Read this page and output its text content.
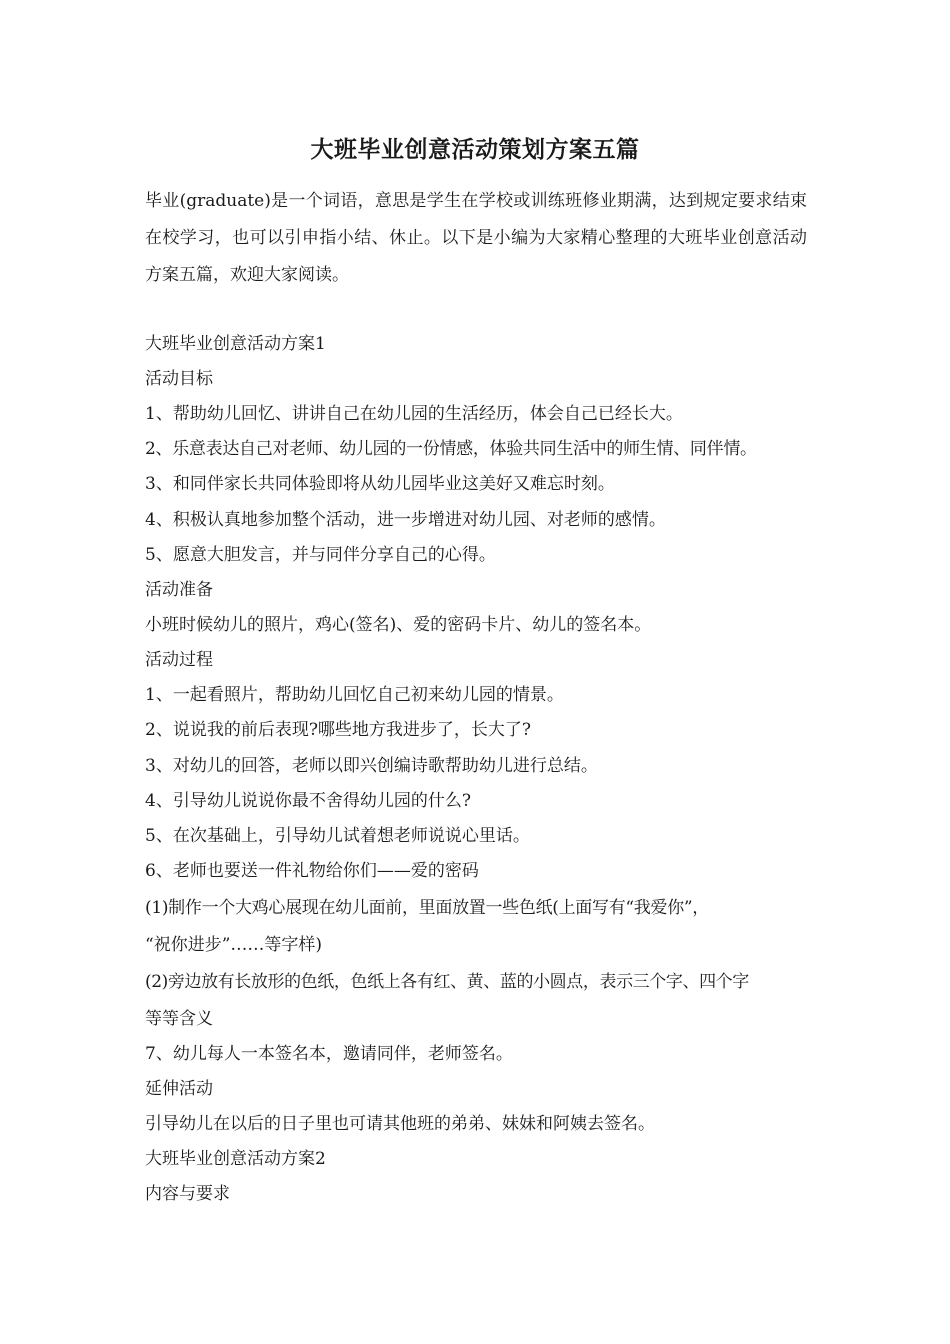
大班毕业创意活动策划方案五篇

毕业(graduate)是一个词语，意思是学生在学校或训练班修业期满，达到规定要求结束在校学习，也可以引申指小结、休止。以下是小编为大家精心整理的大班毕业创意活动方案五篇，欢迎大家阅读。

大班毕业创意活动方案1

活动目标

1、帮助幼儿回忆、讲讲自己在幼儿园的生活经历，体会自己已经长大。

2、乐意表达自己对老师、幼儿园的一份情感，体验共同生活中的师生情、同伴情。

3、和同伴家长共同体验即将从幼儿园毕业这美好又难忘时刻。

4、积极认真地参加整个活动，进一步增进对幼儿园、对老师的感情。

5、愿意大胆发言，并与同伴分享自己的心得。

活动准备

小班时候幼儿的照片，鸡心(签名)、爱的密码卡片、幼儿的签名本。

活动过程

1、一起看照片，帮助幼儿回忆自己初来幼儿园的情景。

2、说说我的前后表现?哪些地方我进步了，长大了?

3、对幼儿的回答，老师以即兴创编诗歌帮助幼儿进行总结。

4、引导幼儿说说你最不舍得幼儿园的什么?

5、在次基础上，引导幼儿试着想老师说说心里话。

6、老师也要送一件礼物给你们——爱的密码

(1)制作一个大鸡心展现在幼儿面前，里面放置一些色纸(上面写有“我爱你”，

“祝你进步”……等字样)

(2)旁边放有长放形的色纸，色纸上各有红、黄、蓝的小圆点，表示三个字、四个字

等等含义

7、幼儿每人一本签名本，邀请同伴，老师签名。

延伸活动

引导幼儿在以后的日子里也可请其他班的弟弟、妹妹和阿姨去签名。

大班毕业创意活动方案2

内容与要求
